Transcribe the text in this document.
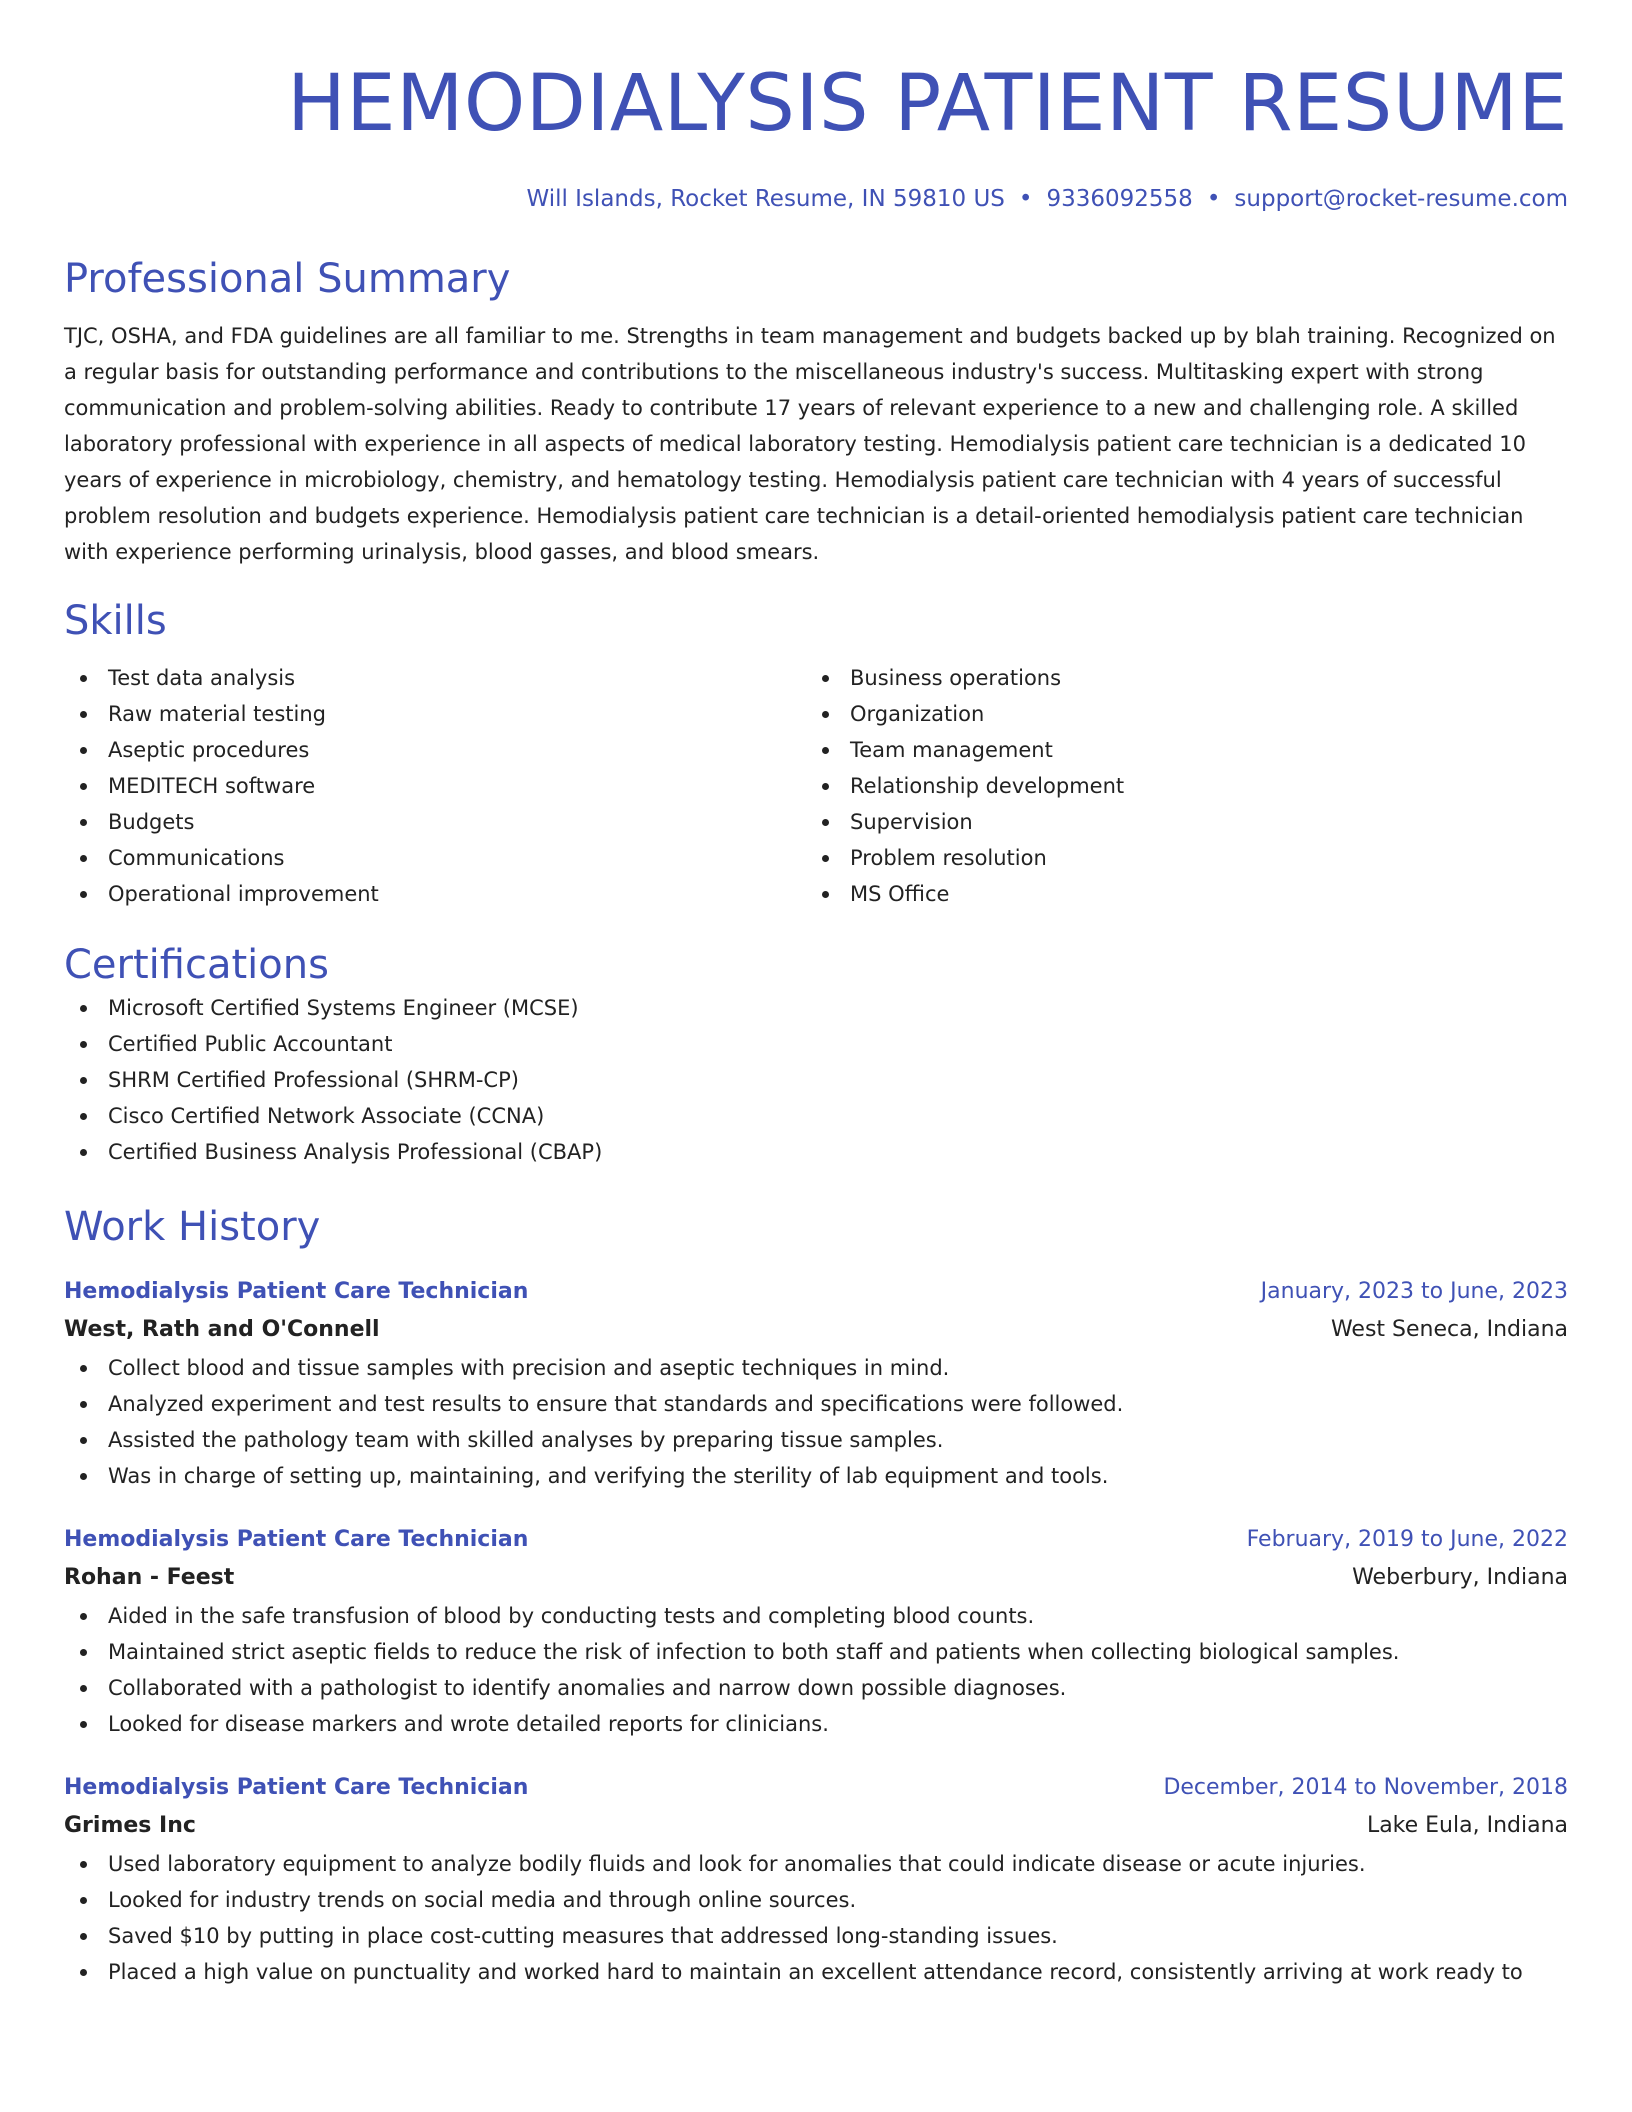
HEMODIALYSIS PATIENT RESUME
Will Islands, Rocket Resume, IN 59810 US • 9336092558 • support@rocket-resume.com
Professional Summary
TJC, OSHA, and FDA guidelines are all familiar to me. Strengths in team management and budgets backed up by blah training. Recognized on a regular basis for outstanding performance and contributions to the miscellaneous industry's success. Multitasking expert with strong communication and problem-solving abilities. Ready to contribute 17 years of relevant experience to a new and challenging role. A skilled laboratory professional with experience in all aspects of medical laboratory testing. Hemodialysis patient care technician is a dedicated 10 years of experience in microbiology, chemistry, and hematology testing. Hemodialysis patient care technician with 4 years of successful problem resolution and budgets experience. Hemodialysis patient care technician is a detail-oriented hemodialysis patient care technician with experience performing urinalysis, blood gasses, and blood smears.
Skills
Test data analysis
Raw material testing
Aseptic procedures
MEDITECH software
Budgets
Communications
Operational improvement
Business operations
Organization
Team management
Relationship development
Supervision
Problem resolution
MS Office
Certifications
Microsoft Certified Systems Engineer (MCSE)
Certified Public Accountant
SHRM Certified Professional (SHRM-CP)
Cisco Certified Network Associate (CCNA)
Certified Business Analysis Professional (CBAP)
Work History
Hemodialysis Patient Care Technician	January, 2023 to June, 2023
West, Rath and O'Connell	West Seneca, Indiana
Collect blood and tissue samples with precision and aseptic techniques in mind.
Analyzed experiment and test results to ensure that standards and specifications were followed.
Assisted the pathology team with skilled analyses by preparing tissue samples.
Was in charge of setting up, maintaining, and verifying the sterility of lab equipment and tools.
Hemodialysis Patient Care Technician	February, 2019 to June, 2022
Rohan - Feest	Weberbury, Indiana
Aided in the safe transfusion of blood by conducting tests and completing blood counts.
Maintained strict aseptic fields to reduce the risk of infection to both staff and patients when collecting biological samples.
Collaborated with a pathologist to identify anomalies and narrow down possible diagnoses.
Looked for disease markers and wrote detailed reports for clinicians.
Hemodialysis Patient Care Technician	December, 2014 to November, 2018
Grimes Inc	Lake Eula, Indiana
Used laboratory equipment to analyze bodily fluids and look for anomalies that could indicate disease or acute injuries.
Looked for industry trends on social media and through online sources.
Saved $10 by putting in place cost-cutting measures that addressed long-standing issues.
Placed a high value on punctuality and worked hard to maintain an excellent attendance record, consistently arriving at work ready to
